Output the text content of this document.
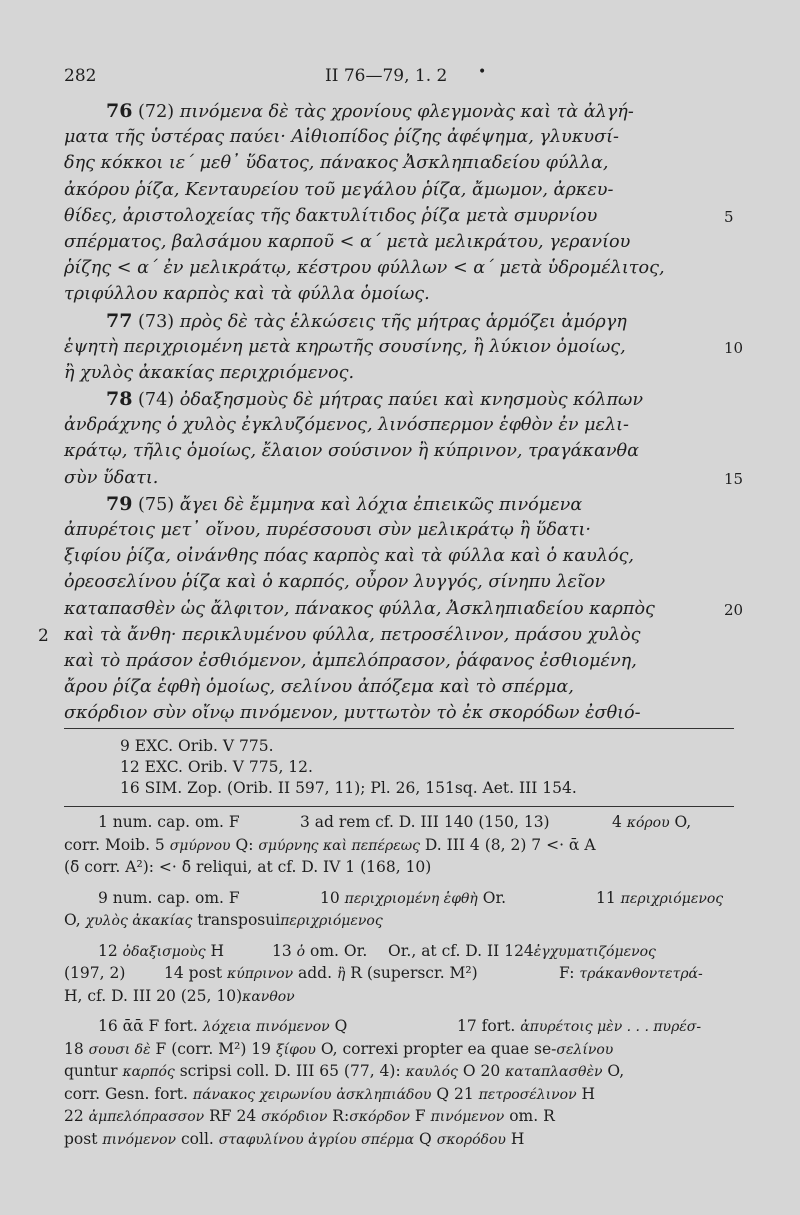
282	II 76—79, 1. 2 •
76 (72) πινόμενα δὲ τὰς χρονίους φλεγμονὰς καὶ τὰ ἀλγή-
ματα τῆς ὑστέρας παύει· Αἰθιοπίδος ῥίζης ἀφέψημα, γλυκυσί-
δης κόκκοι ιε´ μεθ᾽ ὕδατος, πάνακος Ἀσκληπιαδείου φύλλα,
ἀκόρου ῥίζα, Κενταυρείου τοῦ μεγάλου ῥίζα, ἄμωμον, ἀρκευ-
θίδες, ἀριστολοχείας τῆς δακτυλίτιδος ῥίζα μετὰ σμυρνίου	5
σπέρματος, βαλσάμου καρποῦ < α´ μετὰ μελικράτου, γερανίου
ῥίζης < α´ ἐν μελικράτῳ, κέστρου φύλλων < α´ μετὰ ὑδρομέλιτος,
τριφύλλου καρπὸς καὶ τὰ φύλλα ὁμοίως.
77 (73) πρὸς δὲ τὰς ἑλκώσεις τῆς μήτρας ἁρμόζει ἀμόργη
ἑψητὴ περιχριομένη μετὰ κηρωτῆς σουσίνης, ἢ λύκιον ὁμοίως,	10
ἢ χυλὸς ἀκακίας περιχριόμενος.
78 (74) ὀδαξησμοὺς δὲ μήτρας παύει καὶ κνησμοὺς κόλπων
ἀνδράχνης ὁ χυλὸς ἐγκλυζόμενος, λινόσπερμον ἑφθὸν ἐν μελι-
κράτῳ, τῆλις ὁμοίως, ἔλαιον σούσινον ἢ κύπρινον, τραγάκανθα
σὺν ὕδατι.	15
79 (75) ἄγει δὲ ἔμμηνα καὶ λόχια ἐπιεικῶς πινόμενα
ἀπυρέτοις μετ᾽ οἴνου, πυρέσσουσι σὺν μελικράτῳ ἢ ὕδατι·
ξιφίου ῥίζα, οἰνάνθης πόας καρπὸς καὶ τὰ φύλλα καὶ ὁ καυλός,
ὀρεοσελίνου ῥίζα καὶ ὁ καρπός, οὖρον λυγγός, σίνηπυ λεῖον
καταπασθὲν ὡς ἄλφιτον, πάνακος φύλλα, Ἀσκληπιαδείου καρπὸς	20
καὶ τὰ ἄνθη· περικλυμένου φύλλα, πετροσέλινον, πράσου χυλὸς
2
καὶ τὸ πράσον ἐσθιόμενον, ἀμπελόπρασον, ῥάφανος ἐσθιομένη,
ἄρου ῥίζα ἑφθὴ ὁμοίως, σελίνου ἀπόζεμα καὶ τὸ σπέρμα,
σκόρδιον σὺν οἴνῳ πινόμενον, μυττωτὸν τὸ ἐκ σκορόδων ἐσθιό-
9 EXC. Orib. V 775.
12 EXC. Orib. V 775, 12.
16 SIM. Zop. (Orib. II 597, 11); Pl. 26, 151sq. Aet. III 154.
1 num. cap. om. F	3 ad rem cf. D. III 140 (150, 13)	4 κόρου O,
corr. Moib. 5 σμύρνου Q: σμύρνης καὶ πεπέρεως D. III 4 (8, 2) 7 <· ᾱ A
(δ̄ corr. A²): <· δ̄ reliqui, at cf. D. IV 1 (168, 10)
9 num. cap. om. F	10 περιχριομένη ἑφθὴ Or.	11 περιχριόμενος
O, χυλὸς ἀκακίας transposuiπεριχριόμενος
12 ὀδαξισμοὺς H	13 ὁ om. Or. Or., at cf. D. II 124ἐγχυματιζόμενος
(197, 2) 14 post κύπρινον add. ἢ R (superscr. M²)	F: τράκανθοντετρά-
H, cf. D. III 20 (25, 10)κανθον
16 ᾱᾱ F fort. λόχεια πινόμενον Q	17 fort. ἀπυρέτοις μὲν . . . πυρέσ-
18 σουσι δὲ F (corr. M²) 19 ξίφου O, correxi propter ea quae se-σελίνου
quntur καρπός scripsi coll. D. III 65 (77, 4): καυλός O 20 καταπλασθὲν O,
corr. Gesn. fort. πάνακος χειρωνίου ἀσκληπιάδου Q 21 πετροσέλινον H
22 ἀμπελόπρασσον RF 24 σκόρδιον R:σκόρδον F πινόμενον om. R
post πινόμενον coll. σταφυλίνου ἀγρίου σπέρμα Q σκορόδου H
